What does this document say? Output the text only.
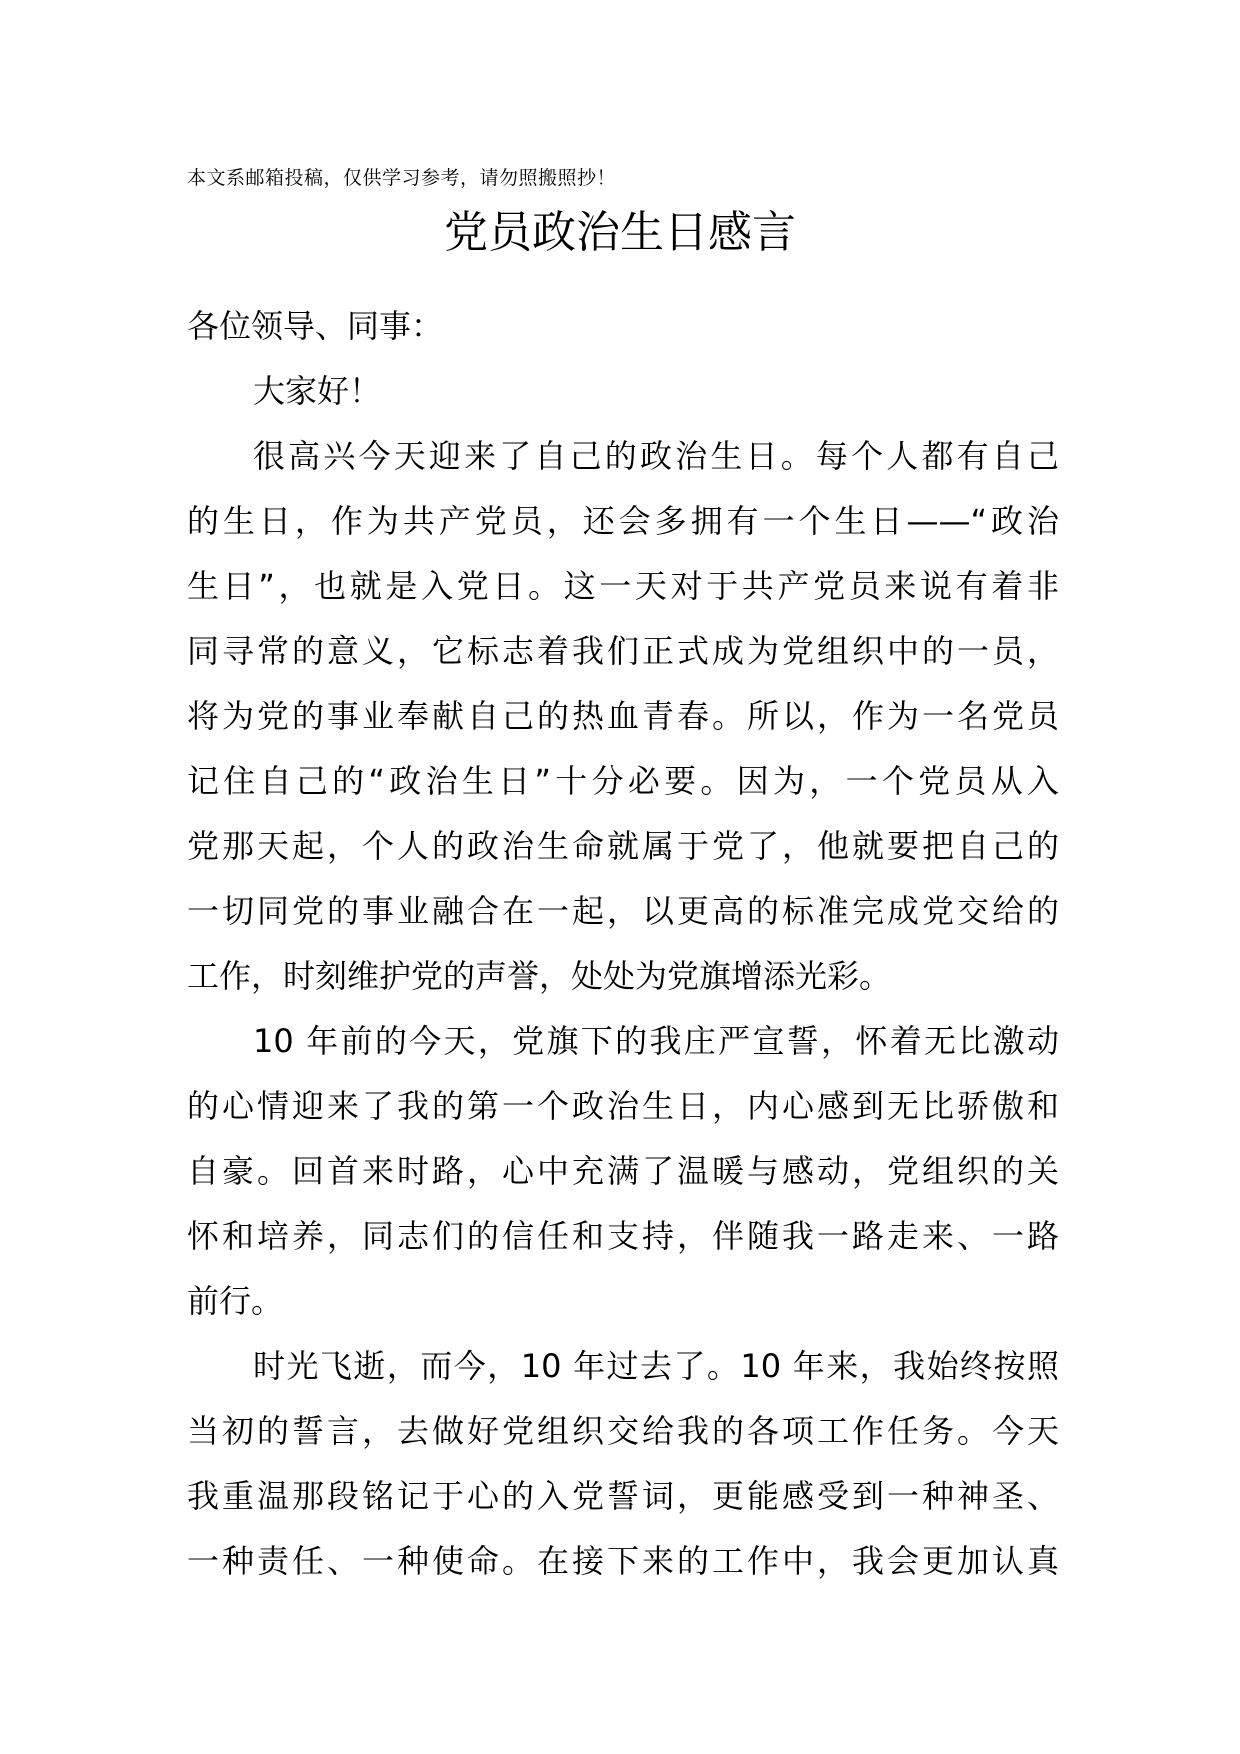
本文系邮箱投稿，仅供学习参考，请勿照搬照抄！
党员政治生日感言
各位领导、同事：
大家好！
很高兴今天迎来了自己的政治生日。每个人都有自己
的生日，作为共产党员，还会多拥有一个生日——“政治
生日”，也就是入党日。这一天对于共产党员来说有着非
同寻常的意义，它标志着我们正式成为党组织中的一员，
将为党的事业奉献自己的热血青春。所以，作为一名党员
记住自己的“政治生日”十分必要。因为，一个党员从入
党那天起，个人的政治生命就属于党了，他就要把自己的
一切同党的事业融合在一起，以更高的标准完成党交给的
工作，时刻维护党的声誉，处处为党旗增添光彩。
10 年前的今天，党旗下的我庄严宣誓，怀着无比激动
的心情迎来了我的第一个政治生日，内心感到无比骄傲和
自豪。回首来时路，心中充满了温暖与感动，党组织的关
怀和培养，同志们的信任和支持，伴随我一路走来、一路
前行。
时光飞逝，而今，10 年过去了。10 年来，我始终按照
当初的誓言，去做好党组织交给我的各项工作任务。今天
我重温那段铭记于心的入党誓词，更能感受到一种神圣、
一种责任、一种使命。在接下来的工作中，我会更加认真
